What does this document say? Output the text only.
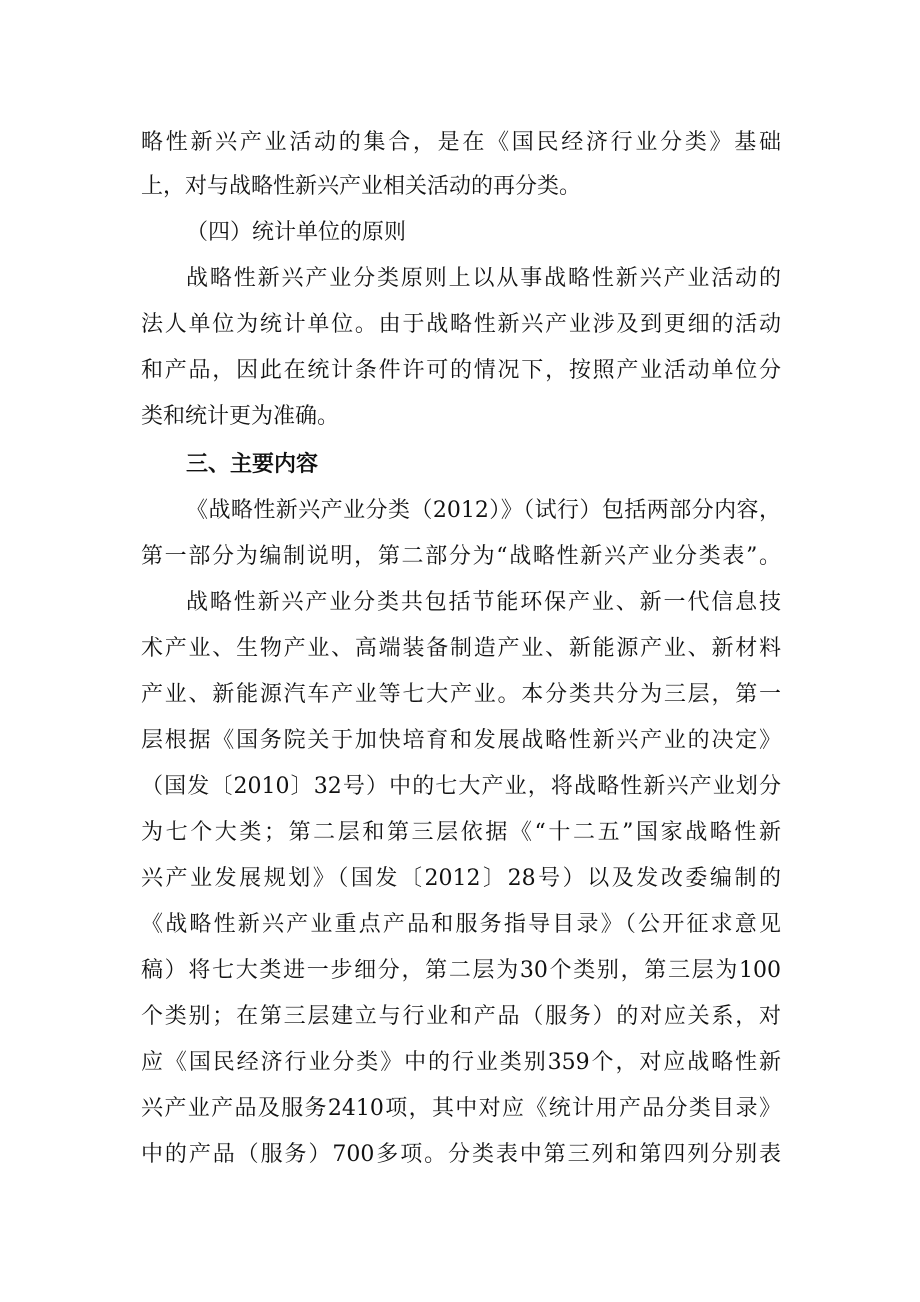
略性新兴产业活动的集合，是在《国民经济行业分类》基础
上，对与战略性新兴产业相关活动的再分类。
（四）统计单位的原则
战略性新兴产业分类原则上以从事战略性新兴产业活动的
法人单位为统计单位。由于战略性新兴产业涉及到更细的活动
和产品，因此在统计条件许可的情况下，按照产业活动单位分
类和统计更为准确。
三、主要内容
《战略性新兴产业分类（2012）》（试行）包括两部分内容，
第一部分为编制说明，第二部分为“战略性新兴产业分类表”。
战略性新兴产业分类共包括节能环保产业、新一代信息技
术产业、生物产业、高端装备制造产业、新能源产业、新材料
产业、新能源汽车产业等七大产业。本分类共分为三层，第一
层根据《国务院关于加快培育和发展战略性新兴产业的决定》
（国发〔2010〕32号）中的七大产业，将战略性新兴产业划分
为七个大类；第二层和第三层依据《“十二五”国家战略性新
兴产业发展规划》（国发〔2012〕28号）以及发改委编制的
《战略性新兴产业重点产品和服务指导目录》（公开征求意见
稿）将七大类进一步细分，第二层为30个类别，第三层为100
个类别；在第三层建立与行业和产品（服务）的对应关系，对
应《国民经济行业分类》中的行业类别359个，对应战略性新
兴产业产品及服务2410项，其中对应《统计用产品分类目录》
中的产品（服务）700多项。分类表中第三列和第四列分别表
